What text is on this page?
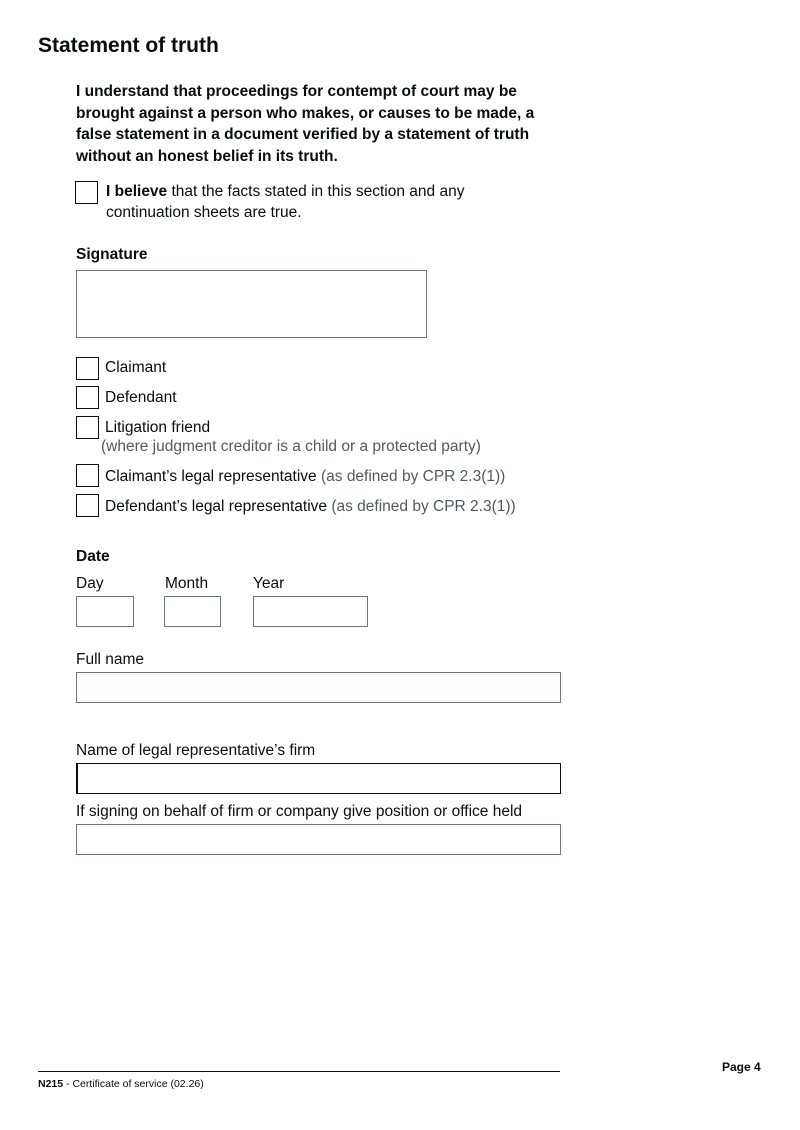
Statement of truth
I understand that proceedings for contempt of court may be brought against a person who makes, or causes to be made, a false statement in a document verified by a statement of truth without an honest belief in its truth.
I believe that the facts stated in this section and any continuation sheets are true.
Signature
Claimant
Defendant
Litigation friend
(where judgment creditor is a child or a protected party)
Claimant’s legal representative (as defined by CPR 2.3(1))
Defendant’s legal representative (as defined by CPR 2.3(1))
Date
Day	Month	Year
Full name
Name of legal representative’s firm
If signing on behalf of firm or company give position or office held
Page 4
N215 - Certificate of service (02.26)
